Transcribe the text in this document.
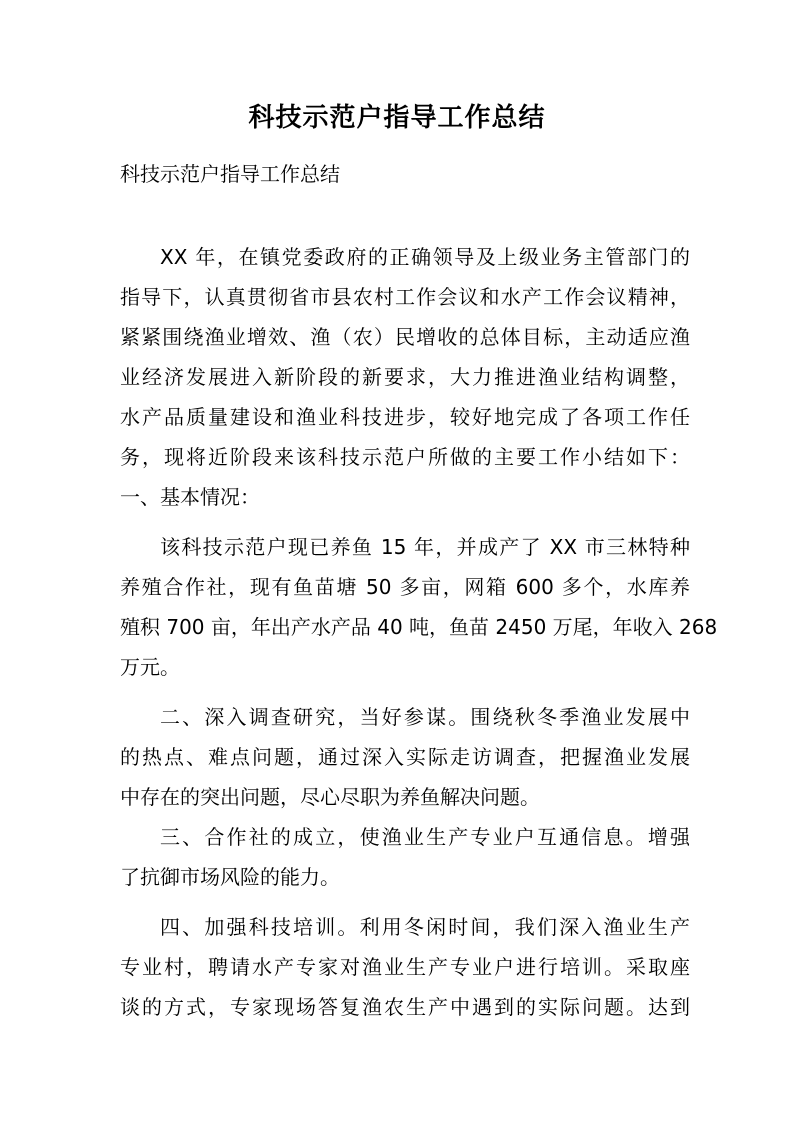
科技示范户指导工作总结
科技示范户指导工作总结
XX 年，在镇党委政府的正确领导及上级业务主管部门的
指导下，认真贯彻省市县农村工作会议和水产工作会议精神，
紧紧围绕渔业增效、渔（农）民增收的总体目标，主动适应渔
业经济发展进入新阶段的新要求，大力推进渔业结构调整，
水产品质量建设和渔业科技进步，较好地完成了各项工作任
务，现将近阶段来该科技示范户所做的主要工作小结如下：
一、基本情况：
该科技示范户现已养鱼 15 年，并成产了 XX 市三林特种
养殖合作社，现有鱼苗塘 50 多亩，网箱 600 多个，水库养
殖积 700 亩，年出产水产品 40 吨，鱼苗 2450 万尾，年收入 268
万元。
二、深入调查研究，当好参谋。围绕秋冬季渔业发展中
的热点、难点问题，通过深入实际走访调查，把握渔业发展
中存在的突出问题，尽心尽职为养鱼解决问题。
三、合作社的成立，使渔业生产专业户互通信息。增强
了抗御市场风险的能力。
四、加强科技培训。利用冬闲时间，我们深入渔业生产
专业村，聘请水产专家对渔业生产专业户进行培训。采取座
谈的方式，专家现场答复渔农生产中遇到的实际问题。达到
